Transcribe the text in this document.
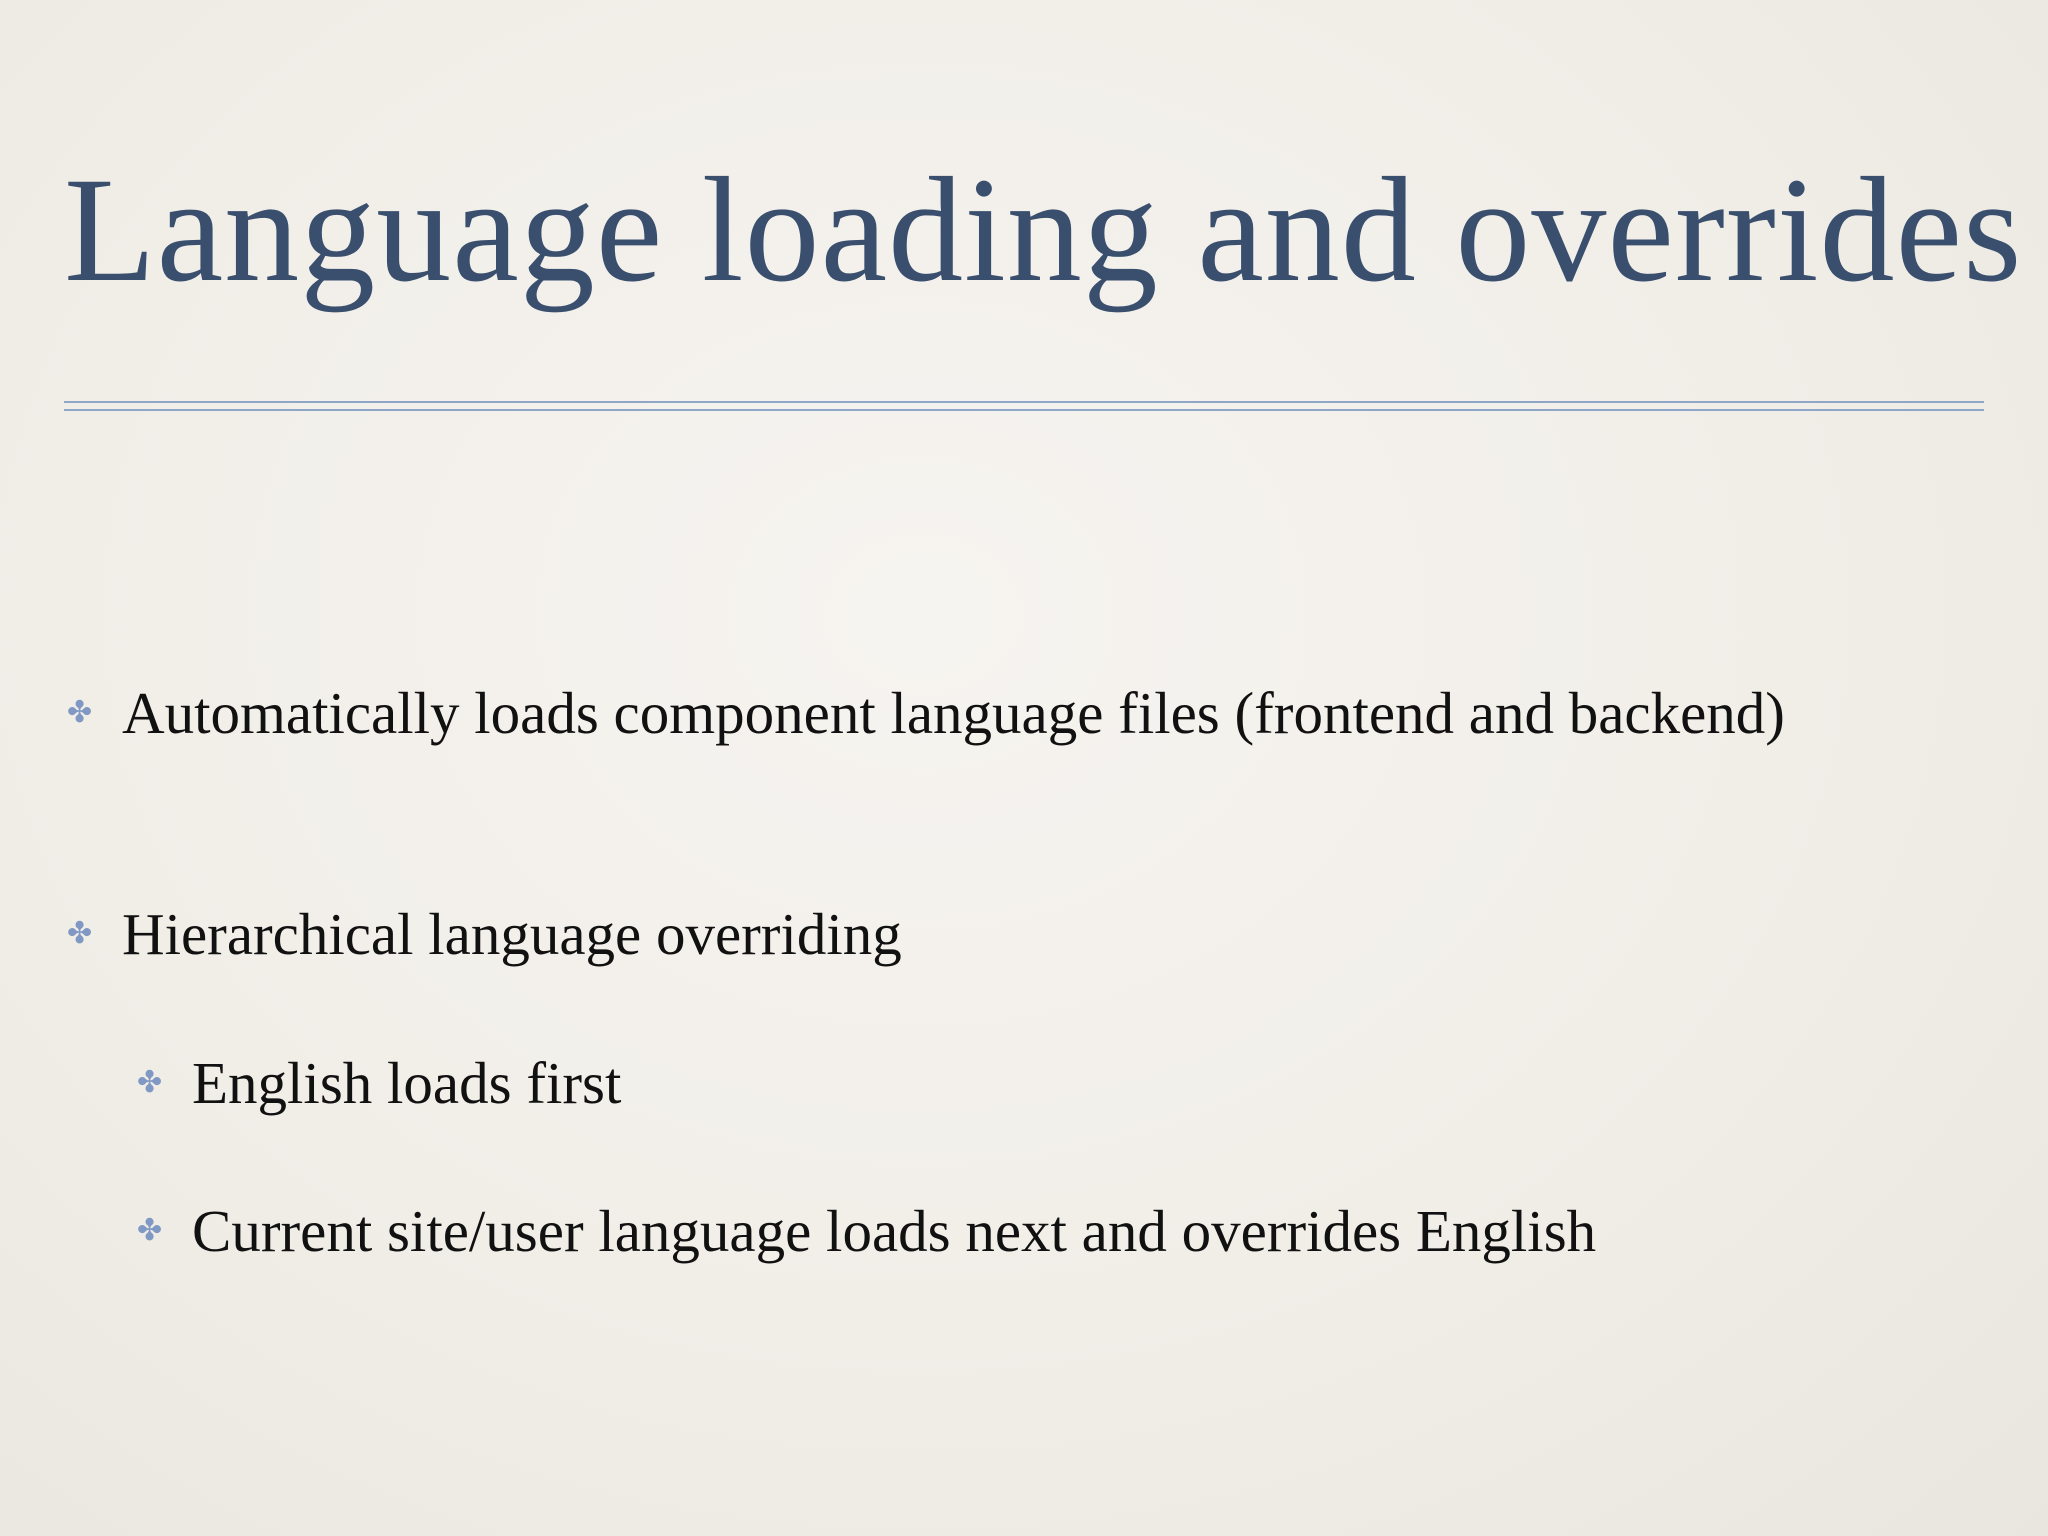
Language loading and overrides
✤ Automatically loads component language files (frontend and backend)
✤ Hierarchical language overriding
✤ English loads first
✤ Current site/user language loads next and overrides English
